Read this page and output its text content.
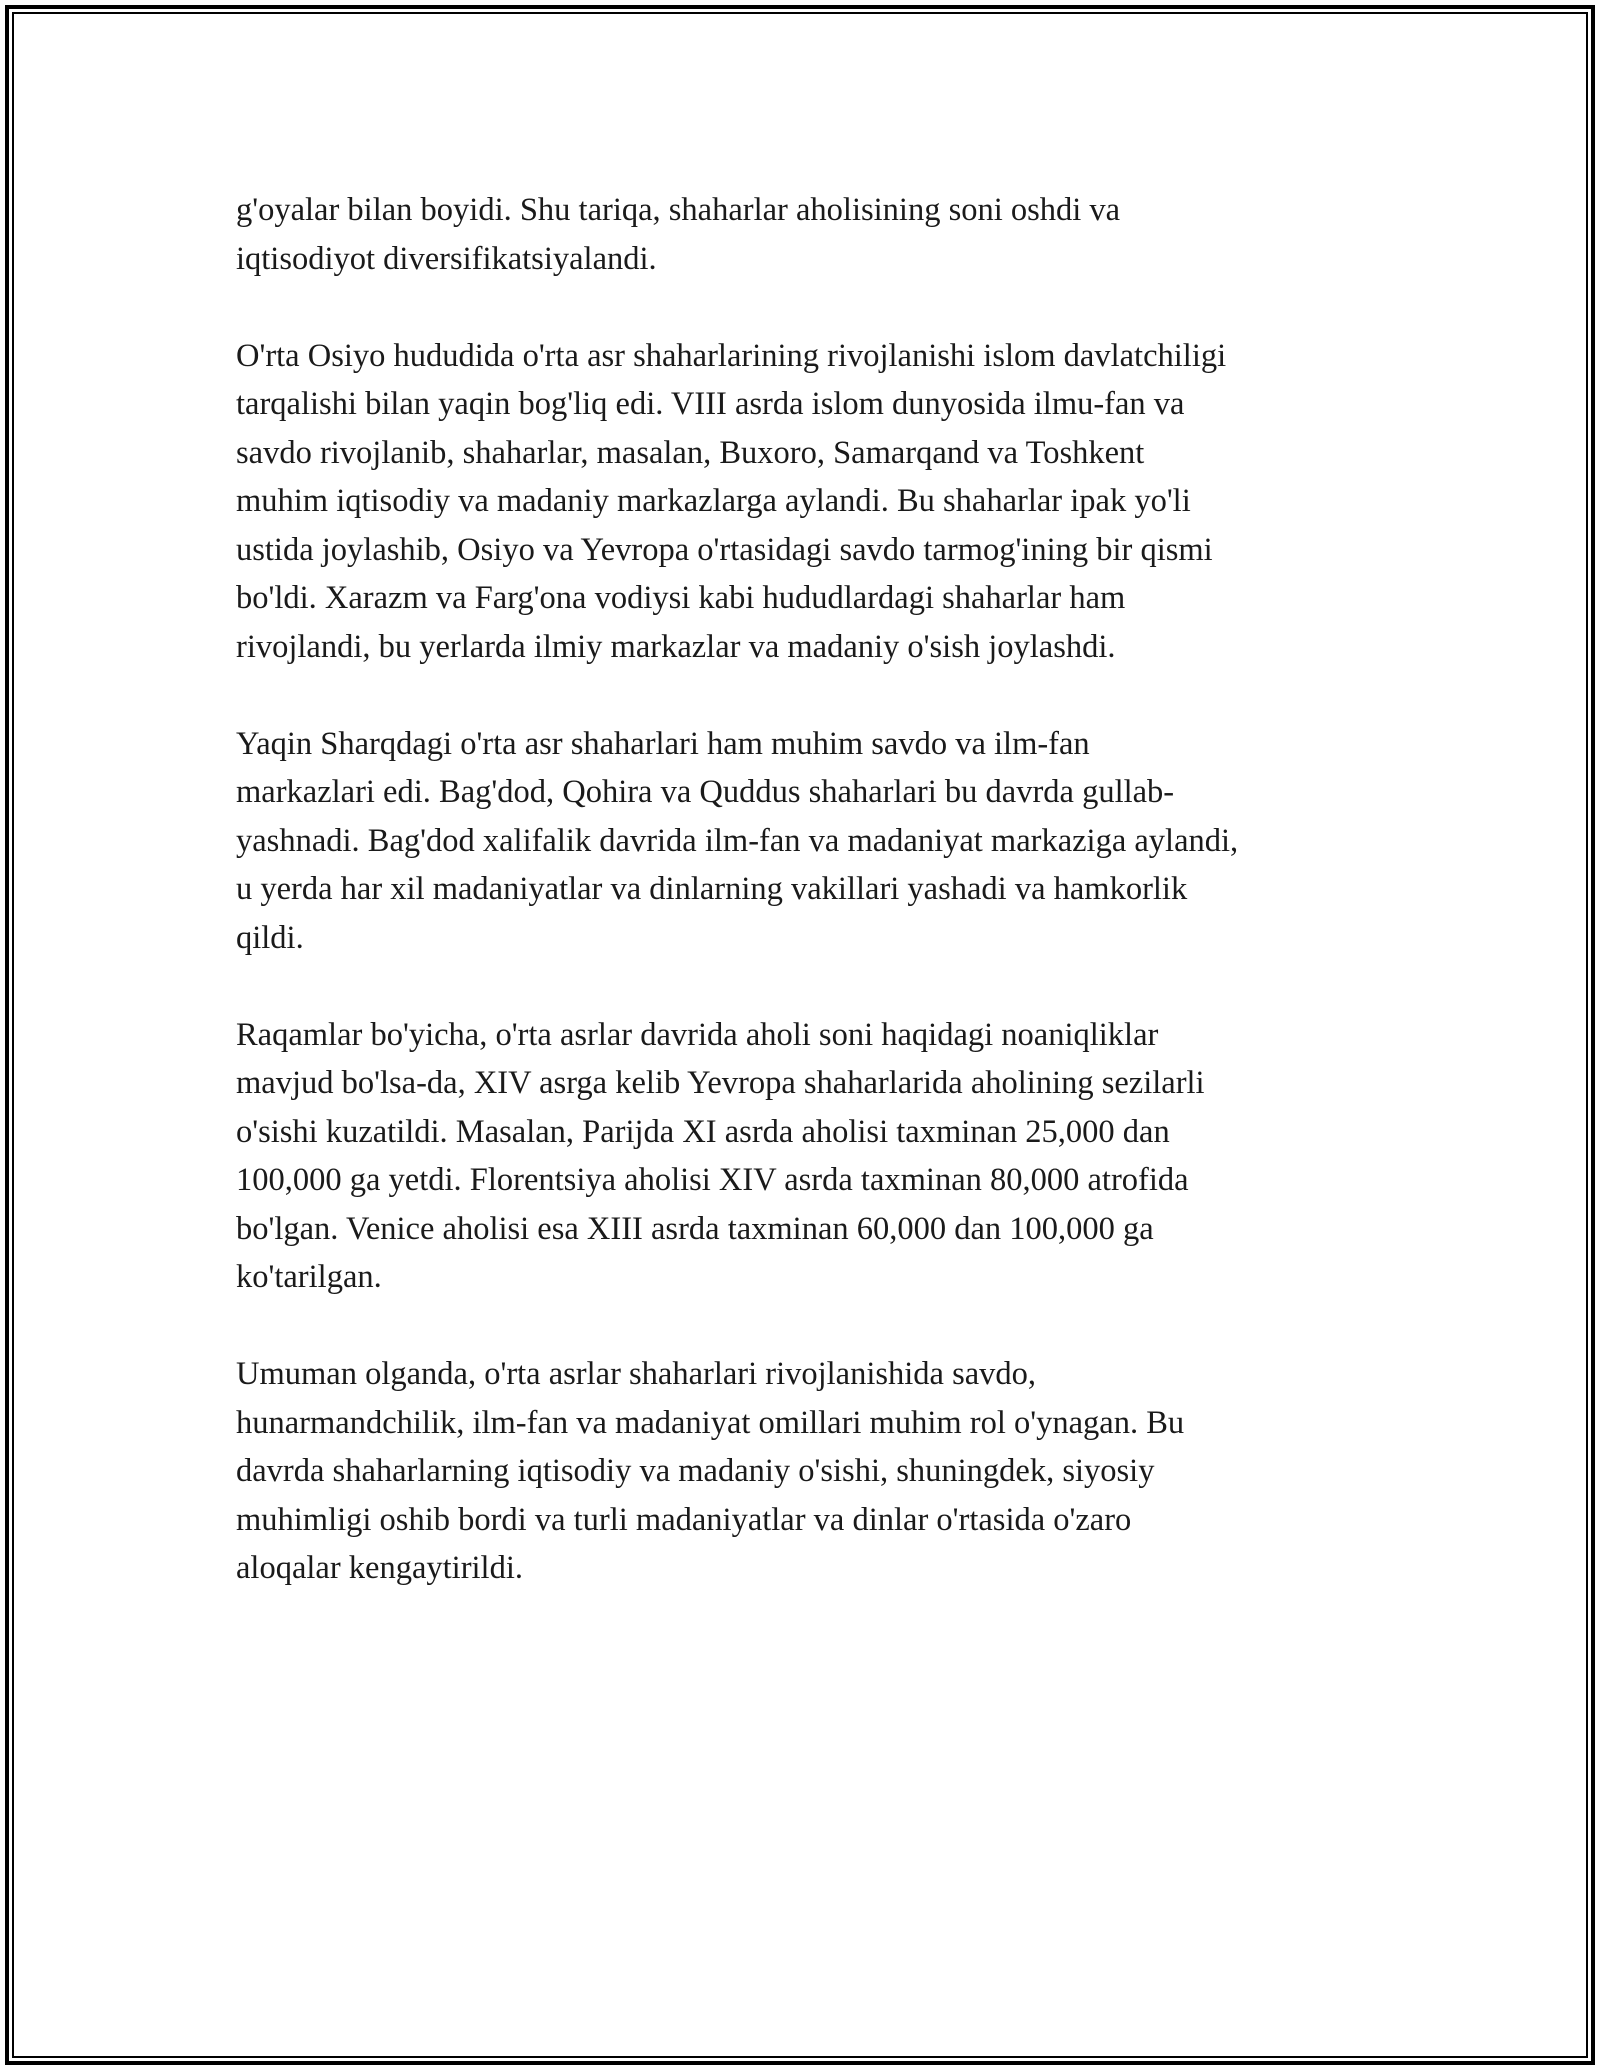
g'oyalar bilan boyidi. Shu tariqa, shaharlar aholisining soni oshdi va
iqtisodiyot diversifikatsiyalandi.

O'rta Osiyo hududida o'rta asr shaharlarining rivojlanishi islom davlatchiligi
tarqalishi bilan yaqin bog'liq edi. VIII asrda islom dunyosida ilmu-fan va
savdo rivojlanib, shaharlar, masalan, Buxoro, Samarqand va Toshkent
muhim iqtisodiy va madaniy markazlarga aylandi. Bu shaharlar ipak yo'li
ustida joylashib, Osiyo va Yevropa o'rtasidagi savdo tarmog'ining bir qismi
bo'ldi. Xarazm va Farg'ona vodiysi kabi hududlardagi shaharlar ham
rivojlandi, bu yerlarda ilmiy markazlar va madaniy o'sish joylashdi.

Yaqin Sharqdagi o'rta asr shaharlari ham muhim savdo va ilm-fan
markazlari edi. Bag'dod, Qohira va Quddus shaharlari bu davrda gullab-
yashnadi. Bag'dod xalifalik davrida ilm-fan va madaniyat markaziga aylandi,
u yerda har xil madaniyatlar va dinlarning vakillari yashadi va hamkorlik
qildi.

Raqamlar bo'yicha, o'rta asrlar davrida aholi soni haqidagi noaniqliklar
mavjud bo'lsa-da, XIV asrga kelib Yevropa shaharlarida aholining sezilarli
o'sishi kuzatildi. Masalan, Parijda XI asrda aholisi taxminan 25,000 dan
100,000 ga yetdi. Florentsiya aholisi XIV asrda taxminan 80,000 atrofida
bo'lgan. Venice aholisi esa XIII asrda taxminan 60,000 dan 100,000 ga
ko'tarilgan.

Umuman olganda, o'rta asrlar shaharlari rivojlanishida savdo,
hunarmandchilik, ilm-fan va madaniyat omillari muhim rol o'ynagan. Bu
davrda shaharlarning iqtisodiy va madaniy o'sishi, shuningdek, siyosiy
muhimligi oshib bordi va turli madaniyatlar va dinlar o'rtasida o'zaro
aloqalar kengaytirildi.
